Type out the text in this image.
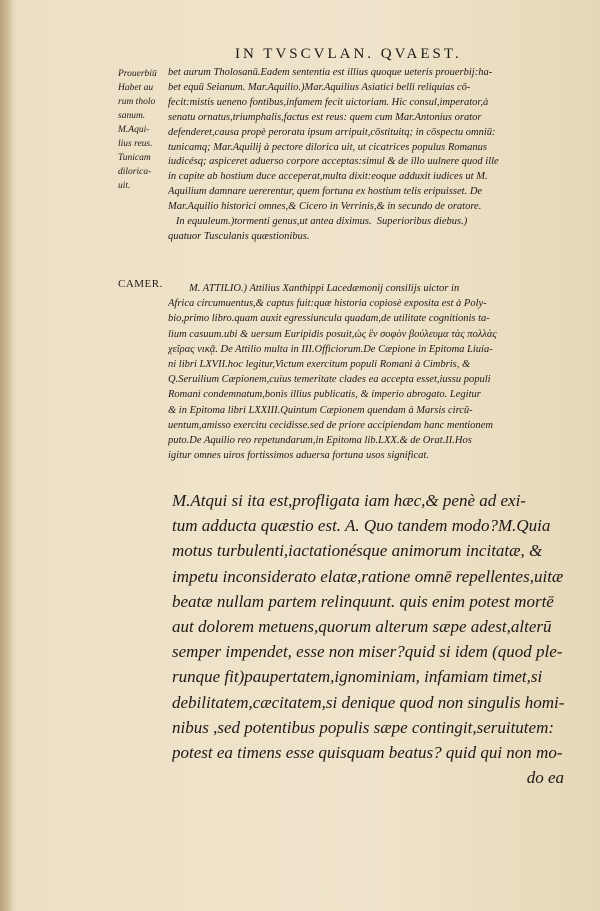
IN TVSCVLAN. QVAEST.
Prouerbiū
Habet au
rum tholo
sanum.
M.Aqui-
lius reus.
Tunicam
dilorica-
uit.
bet aurum Tholosanū.Eadem sententia est illius quoque ueteris prouerbij:ha-
bet equū Seianum. Mar.Aquilio.)Mar.Aquilius Asiatici belli reliquias cō-
fecit:mistis ueneno fontibus,infamem fecit uictoriam. Hic consul,imperator,à
senatu ornatus,triumphalis,factus est reus: quem cum Mar.Antonius orator
defenderet,causa propè perorata ipsum arripuit,cōstituitq; in cōspectu omniū:
tunicamq; Mar.Aquilij à pectore dilorica uit, ut cicatrices populus Romanus
iudicésq; aspiceret aduerso corpore acceptas:simul & de illo uulnere quod ille
in capite ab hostium duce acceperat,multa dixit:eoque adduxit iudices ut M.
Aquilium damnare uererentur, quem fortuna ex hostium telis eripuisset. De
Mar.Aquilio historici omnes,& Cicero in Verrinis,& in secundo de oratore.
In equuleum.)tormenti genus,ut antea diximus.  Superioribus diebus.)
quatuor Tusculanis quæstionibus.
CAMER. M. ATTILIO.) Attilius Xanthippi Lacedæmonij consilijs uictor in
Africa circumuentus,& captus fuit:quæ historia copiosè exposita est à Poly-
bio,primo libro.quam auxit egressiuncula quadam,de utilitate cognitionis ta-
lium casuum.ubi & uersum Euripidis posuit,ὡς ἓν σοφὸν βούλευμα τὰς πολλὰς
χεῖρας νικᾷ. De Attilio multa in III.Officiorum.De Cæpione in Epitoma Liuia-
ni libri LXVII.hoc legitur,Victum exercitum populi Romani à Cimbris, &
Q.Seruilium Cæpionem,cuius temeritate clades ea accepta esset,iussu populi
Romani condemnatum,bonis illius publicatis, & imperio abrogato. Legitur
& in Epitoma libri LXXIII.Quintum Cæpionem quendam à Marsis circū-
uentum,amisso exercitu cecidisse.sed de priore accipiendam hanc mentionem
puto.De Aquilio reo repetundarum,in Epitoma lib.LXX.& de Orat.II.Hos
igitur omnes uiros fortissimos aduersa fortuna usos significat.
M.Atqui si ita est,profligata iam hæc,& penè ad exi-
tum adducta quæstio est. A. Quo tandem modo?M.Quia
motus turbulenti,iactationésque animorum incitatæ, &
impetu inconsiderato elatæ,ratione omnē repellentes,uitæ
beatæ nullam partem relinquunt. quis enim potest mortē
aut dolorem metuens,quorum alterum sæpe adest,alterū
semper impendet, esse non miser?quid si idem (quod ple-
runque fit)paupertatem,ignominiam, infamiam timet,si
debilitatem,cæcitatem,si denique quod non singulis homi-
nibus ,sed potentibus populis sæpe contingit,seruitutem:
potest ea timens esse quisquam beatus? quid qui non mo-
do ea
